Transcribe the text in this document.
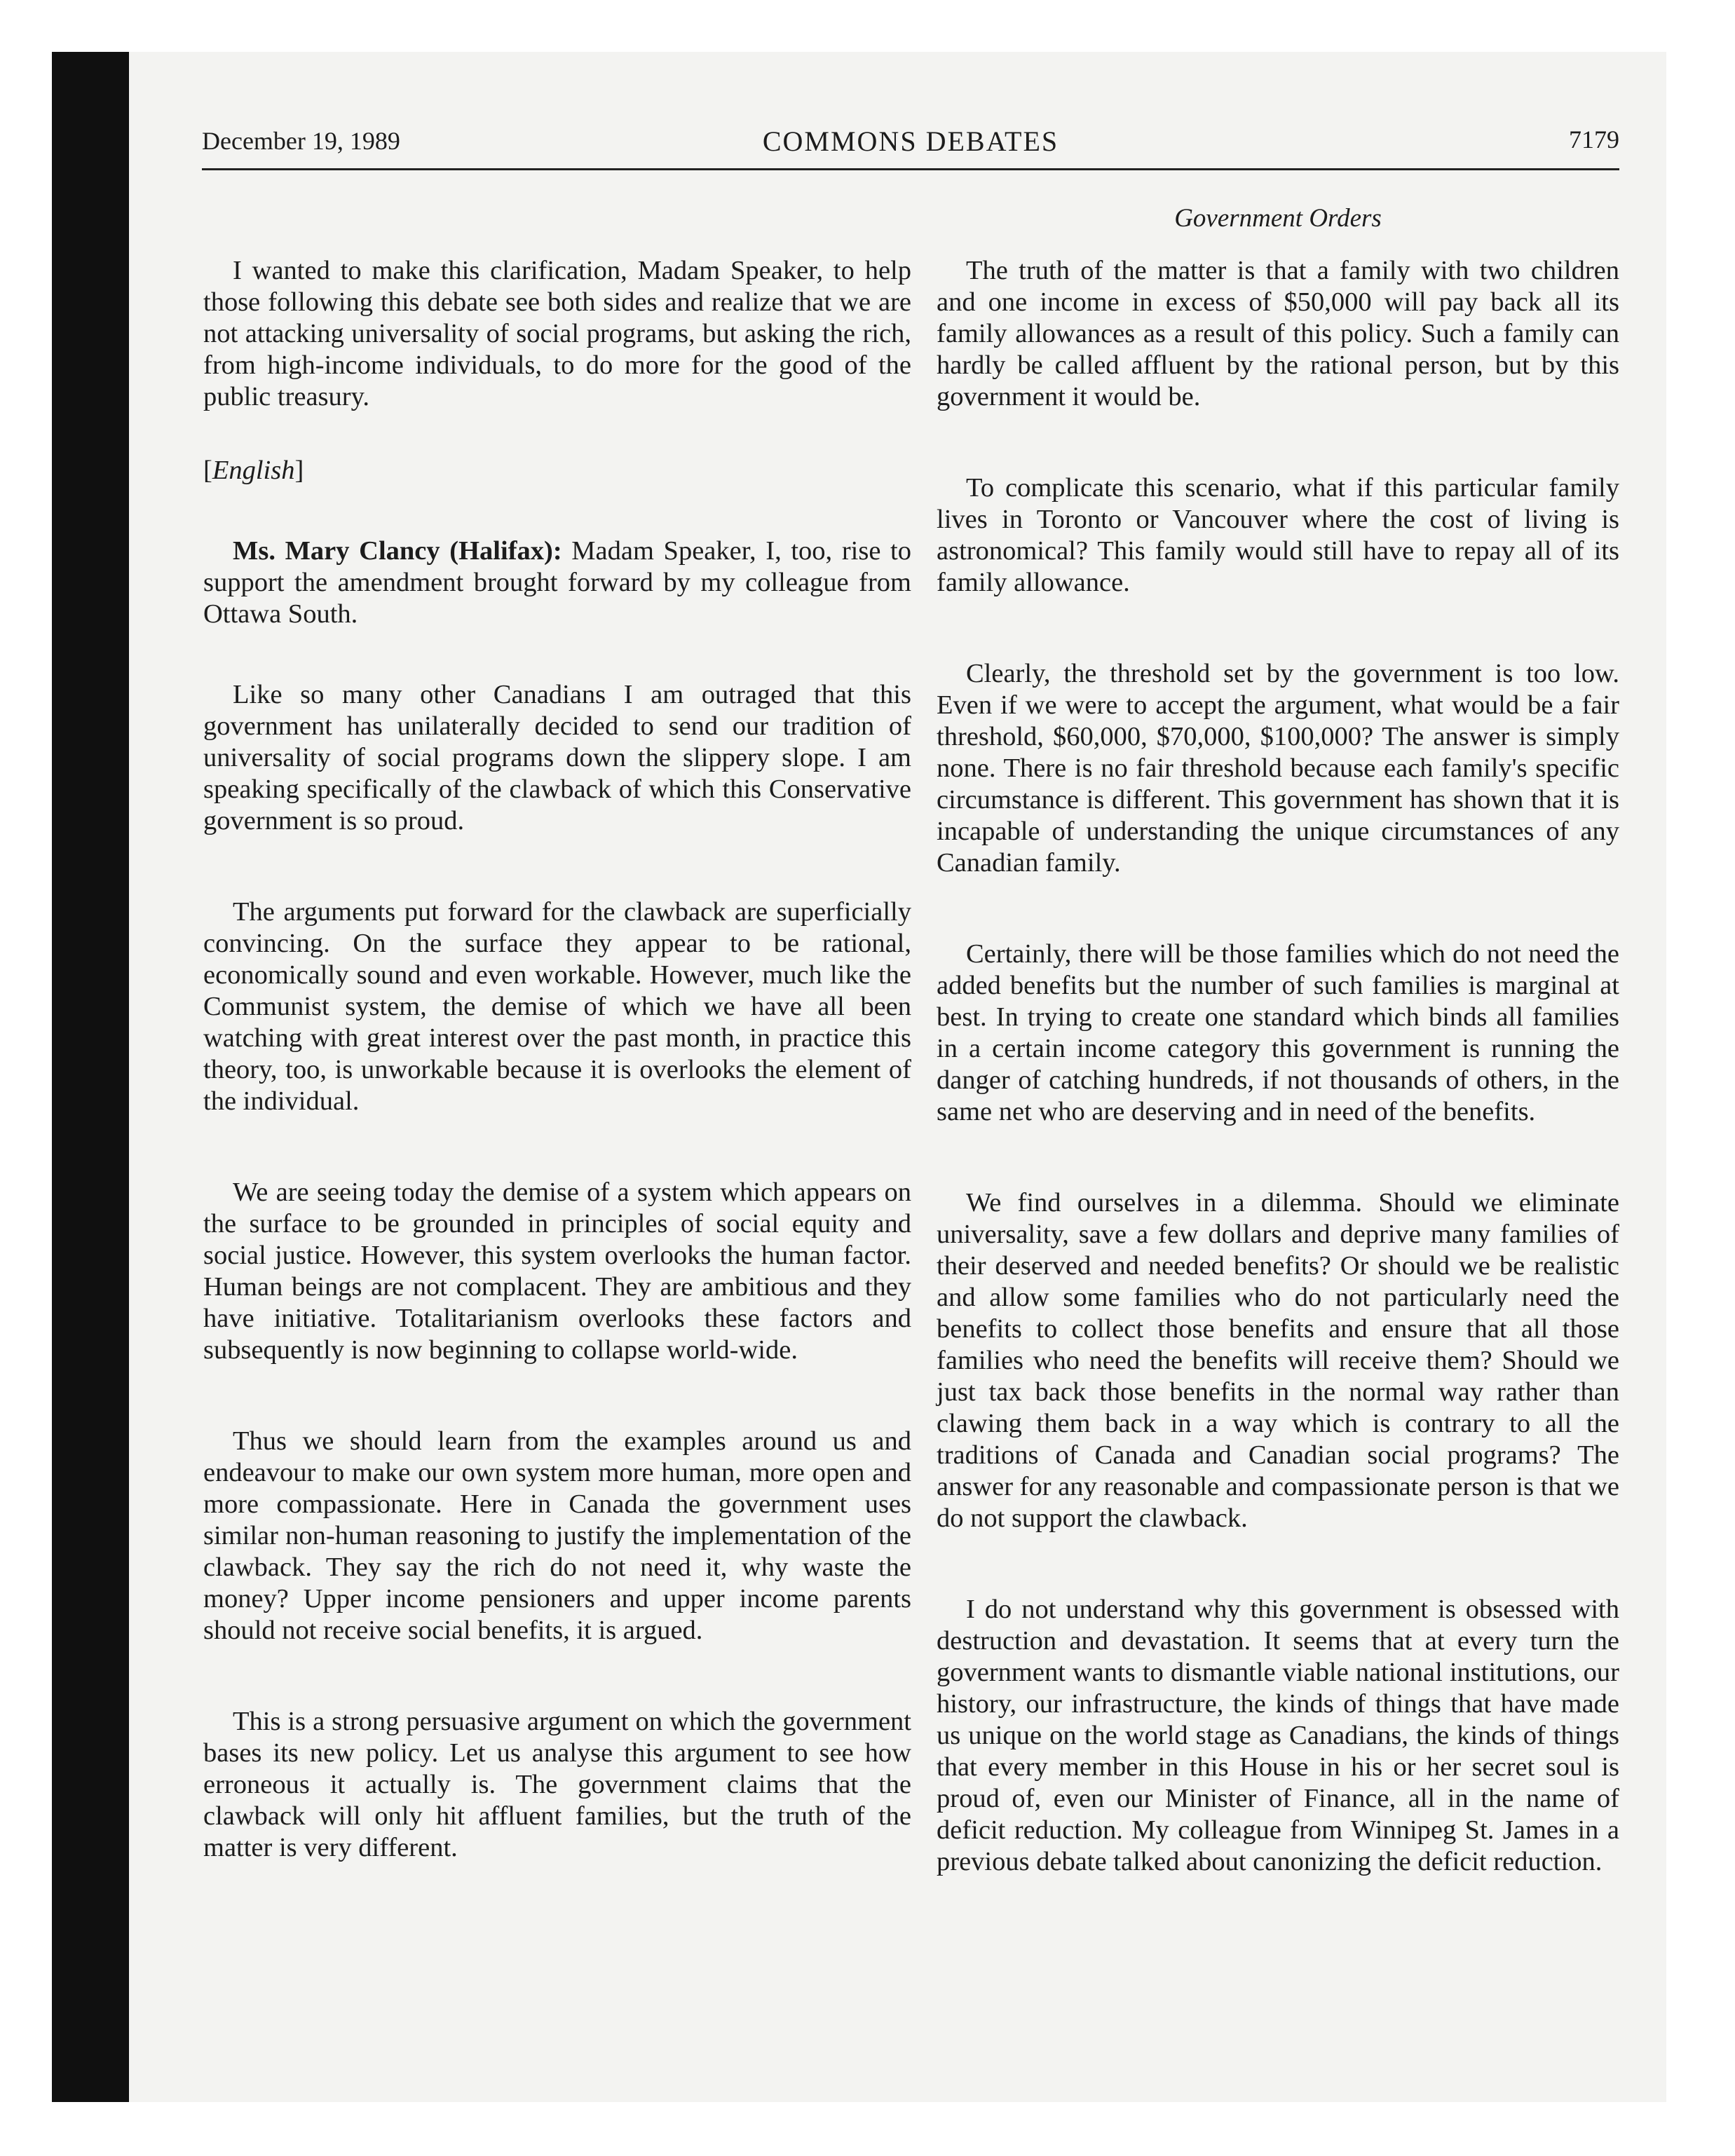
December 19, 1989	COMMONS DEBATES	7179
Government Orders

I wanted to make this clarification, Madam Speaker, to help those following this debate see both sides and realize that we are not attacking universality of social programs, but asking the rich, from high-income individuals, to do more for the good of the public treasury.

[English]

Ms. Mary Clancy (Halifax): Madam Speaker, I, too, rise to support the amendment brought forward by my colleague from Ottawa South.

Like so many other Canadians I am outraged that this government has unilaterally decided to send our tradition of universality of social programs down the slippery slope. I am speaking specifically of the clawback of which this Conservative government is so proud.

The arguments put forward for the clawback are superficially convincing. On the surface they appear to be rational, economically sound and even workable. However, much like the Communist system, the demise of which we have all been watching with great interest over the past month, in practice this theory, too, is unworkable because it is overlooks the element of the individual.

We are seeing today the demise of a system which appears on the surface to be grounded in principles of social equity and social justice. However, this system overlooks the human factor. Human beings are not complacent. They are ambitious and they have initiative. Totalitarianism overlooks these factors and subsequently is now beginning to collapse world-wide.

Thus we should learn from the examples around us and endeavour to make our own system more human, more open and more compassionate. Here in Canada the government uses similar non-human reasoning to justify the implementation of the clawback. They say the rich do not need it, why waste the money? Upper income pensioners and upper income parents should not receive social benefits, it is argued.

This is a strong persuasive argument on which the government bases its new policy. Let us analyse this argument to see how erroneous it actually is. The government claims that the clawback will only hit affluent families, but the truth of the matter is very different.

The truth of the matter is that a family with two children and one income in excess of $50,000 will pay back all its family allowances as a result of this policy. Such a family can hardly be called affluent by the rational person, but by this government it would be.

To complicate this scenario, what if this particular family lives in Toronto or Vancouver where the cost of living is astronomical? This family would still have to repay all of its family allowance.

Clearly, the threshold set by the government is too low. Even if we were to accept the argument, what would be a fair threshold, $60,000, $70,000, $100,000? The answer is simply none. There is no fair threshold because each family's specific circumstance is different. This government has shown that it is incapable of understanding the unique circumstances of any Canadian family.

Certainly, there will be those families which do not need the added benefits but the number of such families is marginal at best. In trying to create one standard which binds all families in a certain income category this government is running the danger of catching hundreds, if not thousands of others, in the same net who are deserving and in need of the benefits.

We find ourselves in a dilemma. Should we eliminate universality, save a few dollars and deprive many families of their deserved and needed benefits? Or should we be realistic and allow some families who do not particularly need the benefits to collect those benefits and ensure that all those families who need the benefits will receive them? Should we just tax back those benefits in the normal way rather than clawing them back in a way which is contrary to all the traditions of Canada and Canadian social programs? The answer for any reasonable and compassionate person is that we do not support the clawback.

I do not understand why this government is obsessed with destruction and devastation. It seems that at every turn the government wants to dismantle viable national institutions, our history, our infrastructure, the kinds of things that have made us unique on the world stage as Canadians, the kinds of things that every member in this House in his or her secret soul is proud of, even our Minister of Finance, all in the name of deficit reduction. My colleague from Winnipeg St. James in a previous debate talked about canonizing the deficit reduction.
